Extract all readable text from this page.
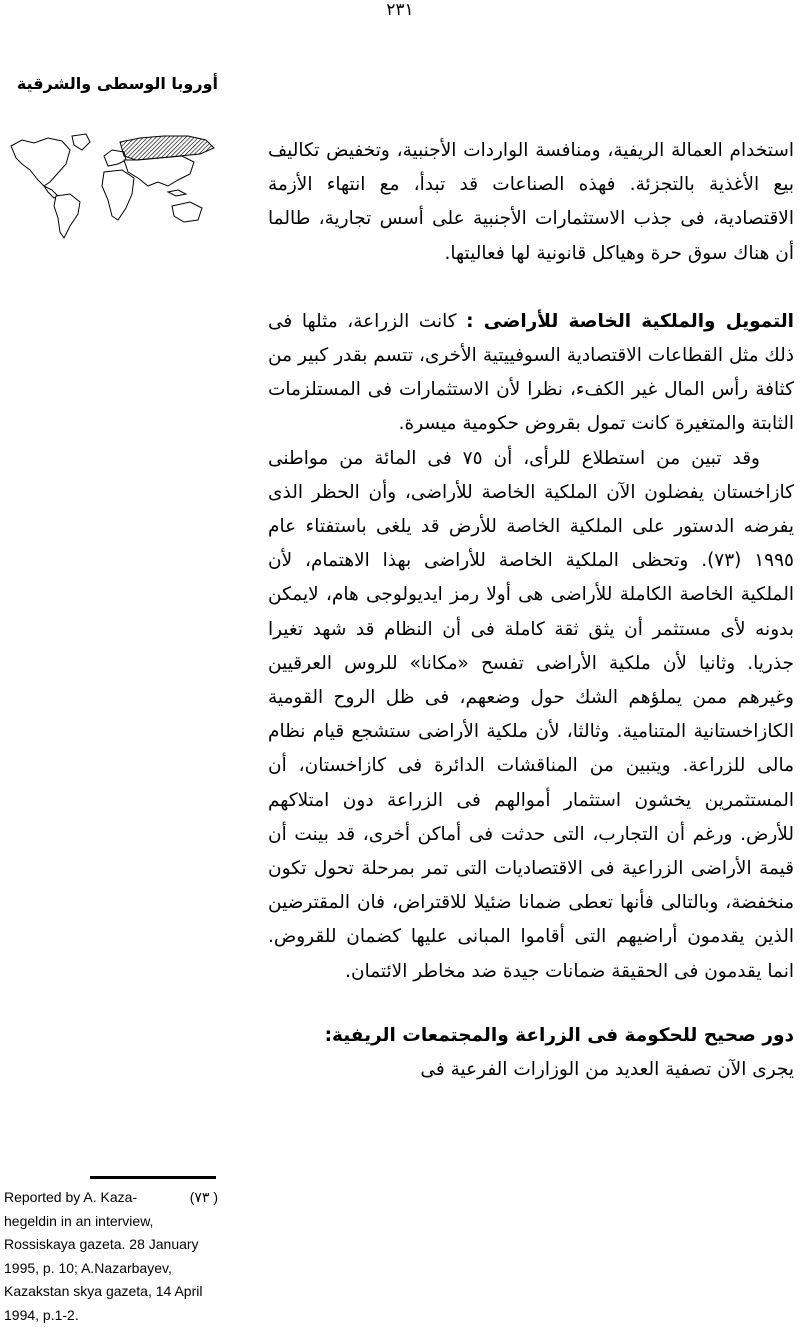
٢٣١
أوروبا الوسطى والشرقية

استخدام العمالة الريفية، ومنافسة الواردات الأجنبية، وتخفيض تكاليف بيع الأغذية بالتجزئة. فهذه الصناعات قد تبدأ، مع انتهاء الأزمة الاقتصادية، فى جذب الاستثمارات الأجنبية على أسس تجارية، طالما أن هناك سوق حرة وهياكل قانونية لها فعاليتها.

التمويل والملكية الخاصة للأراضى : كانت الزراعة، مثلها فى ذلك مثل القطاعات الاقتصادية السوفييتية الأخرى، تتسم بقدر كبير من كثافة رأس المال غير الكفء، نظرا لأن الاستثمارات فى المستلزمات الثابتة والمتغيرة كانت تمول بقروض حكومية ميسرة.

وقد تبين من استطلاع للرأى، أن ٧٥ فى المائة من مواطنى كازاخستان يفضلون الآن الملكية الخاصة للأراضى، وأن الحظر الذى يفرضه الدستور على الملكية الخاصة للأرض قد يلغى باستفتاء عام ١٩٩٥ (٧٣). وتحظى الملكية الخاصة للأراضى بهذا الاهتمام، لأن الملكية الخاصة الكاملة للأراضى هى أولا رمز ايديولوجى هام، لايمكن بدونه لأى مستثمر أن يثق ثقة كاملة فى أن النظام قد شهد تغيرا جذريا. وثانيا لأن ملكية الأراضى تفسح «مكانا» للروس العرقيين وغيرهم ممن يملؤهم الشك حول وضعهم، فى ظل الروح القومية الكازاخستانية المتنامية. وثالثا، لأن ملكية الأراضى ستشجع قيام نظام مالى للزراعة. ويتبين من المناقشات الدائرة فى كازاخستان، أن المستثمرين يخشون استثمار أموالهم فى الزراعة دون امتلاكهم للأرض. ورغم أن التجارب، التى حدثت فى أماكن أخرى، قد بينت أن قيمة الأراضى الزراعية فى الاقتصاديات التى تمر بمرحلة تحول تكون منخفضة، وبالتالى فأنها تعطى ضمانا ضئيلا للاقتراض، فان المقترضين الذين يقدمون أراضيهم التى أقاموا المبانى عليها كضمان للقروض. انما يقدمون فى الحقيقة ضمانات جيدة ضد مخاطر الائتمان.

دور صحيح للحكومة فى الزراعة والمجتمعات الريفية:

يجرى الآن تصفية العديد من الوزارات الفرعية فى

(٧٣ )
Reported by A. Kaza- hegeldin in an interview, Rossiskaya gazeta. 28 January 1995, p. 10; A.Nazarbayev, Kazakstan skya gazeta, 14 April 1994, p.1-2.
